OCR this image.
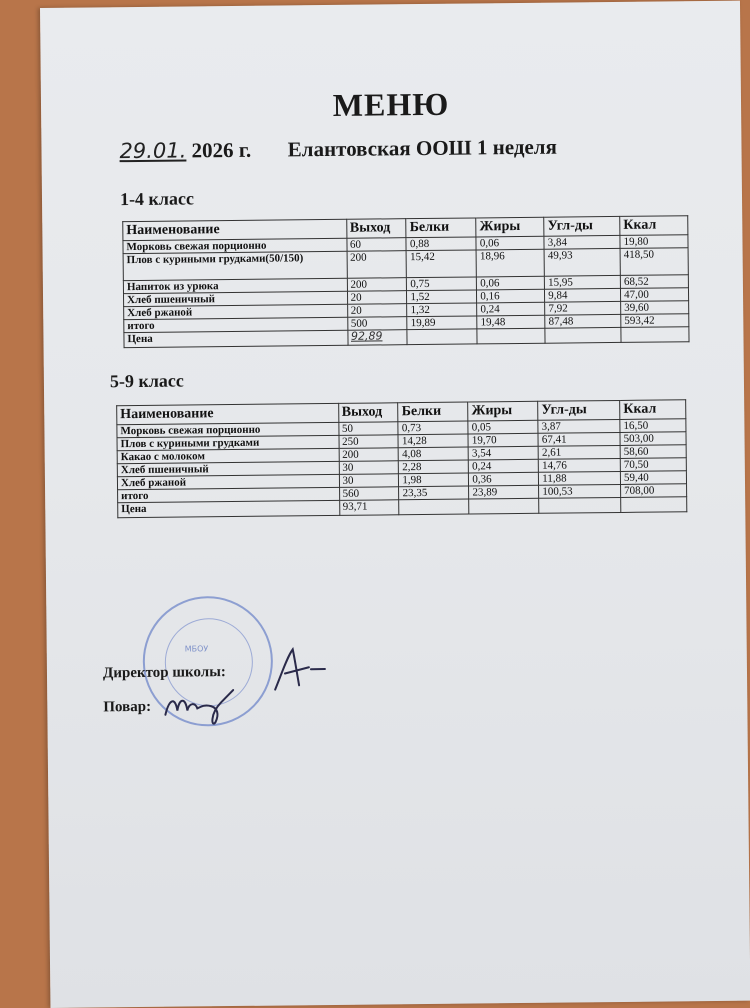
МЕНЮ
29.01. 2026 г. Елантовская ООШ 1 неделя
1-4 класс
Наименование	Выход	Белки	Жиры	Угл-ды	Ккал
Морковь свежая порционно	60	0,88	0,06	3,84	19,80
Плов с куриными грудками(50/150)	200	15,42	18,96	49,93	418,50
Напиток из урюка	200	0,75	0,06	15,95	68,52
Хлеб пшеничный	20	1,52	0,16	9,84	47,00
Хлеб ржаной	20	1,32	0,24	7,92	39,60
итого	500	19,89	19,48	87,48	593,42
Цена	92,89				
5-9 класс
Наименование	Выход	Белки	Жиры	Угл-ды	Ккал
Морковь свежая порционно	50	0,73	0,05	3,87	16,50
Плов с куриными грудками	250	14,28	19,70	67,41	503,00
Какао с молоком	200	4,08	3,54	2,61	58,60
Хлеб пшеничный	30	2,28	0,24	14,76	70,50
Хлеб ржаной	30	1,98	0,36	11,88	59,40
итого	560	23,35	23,89	100,53	708,00
Цена	93,71				
МБОУ
Директор школы:
Повар:
